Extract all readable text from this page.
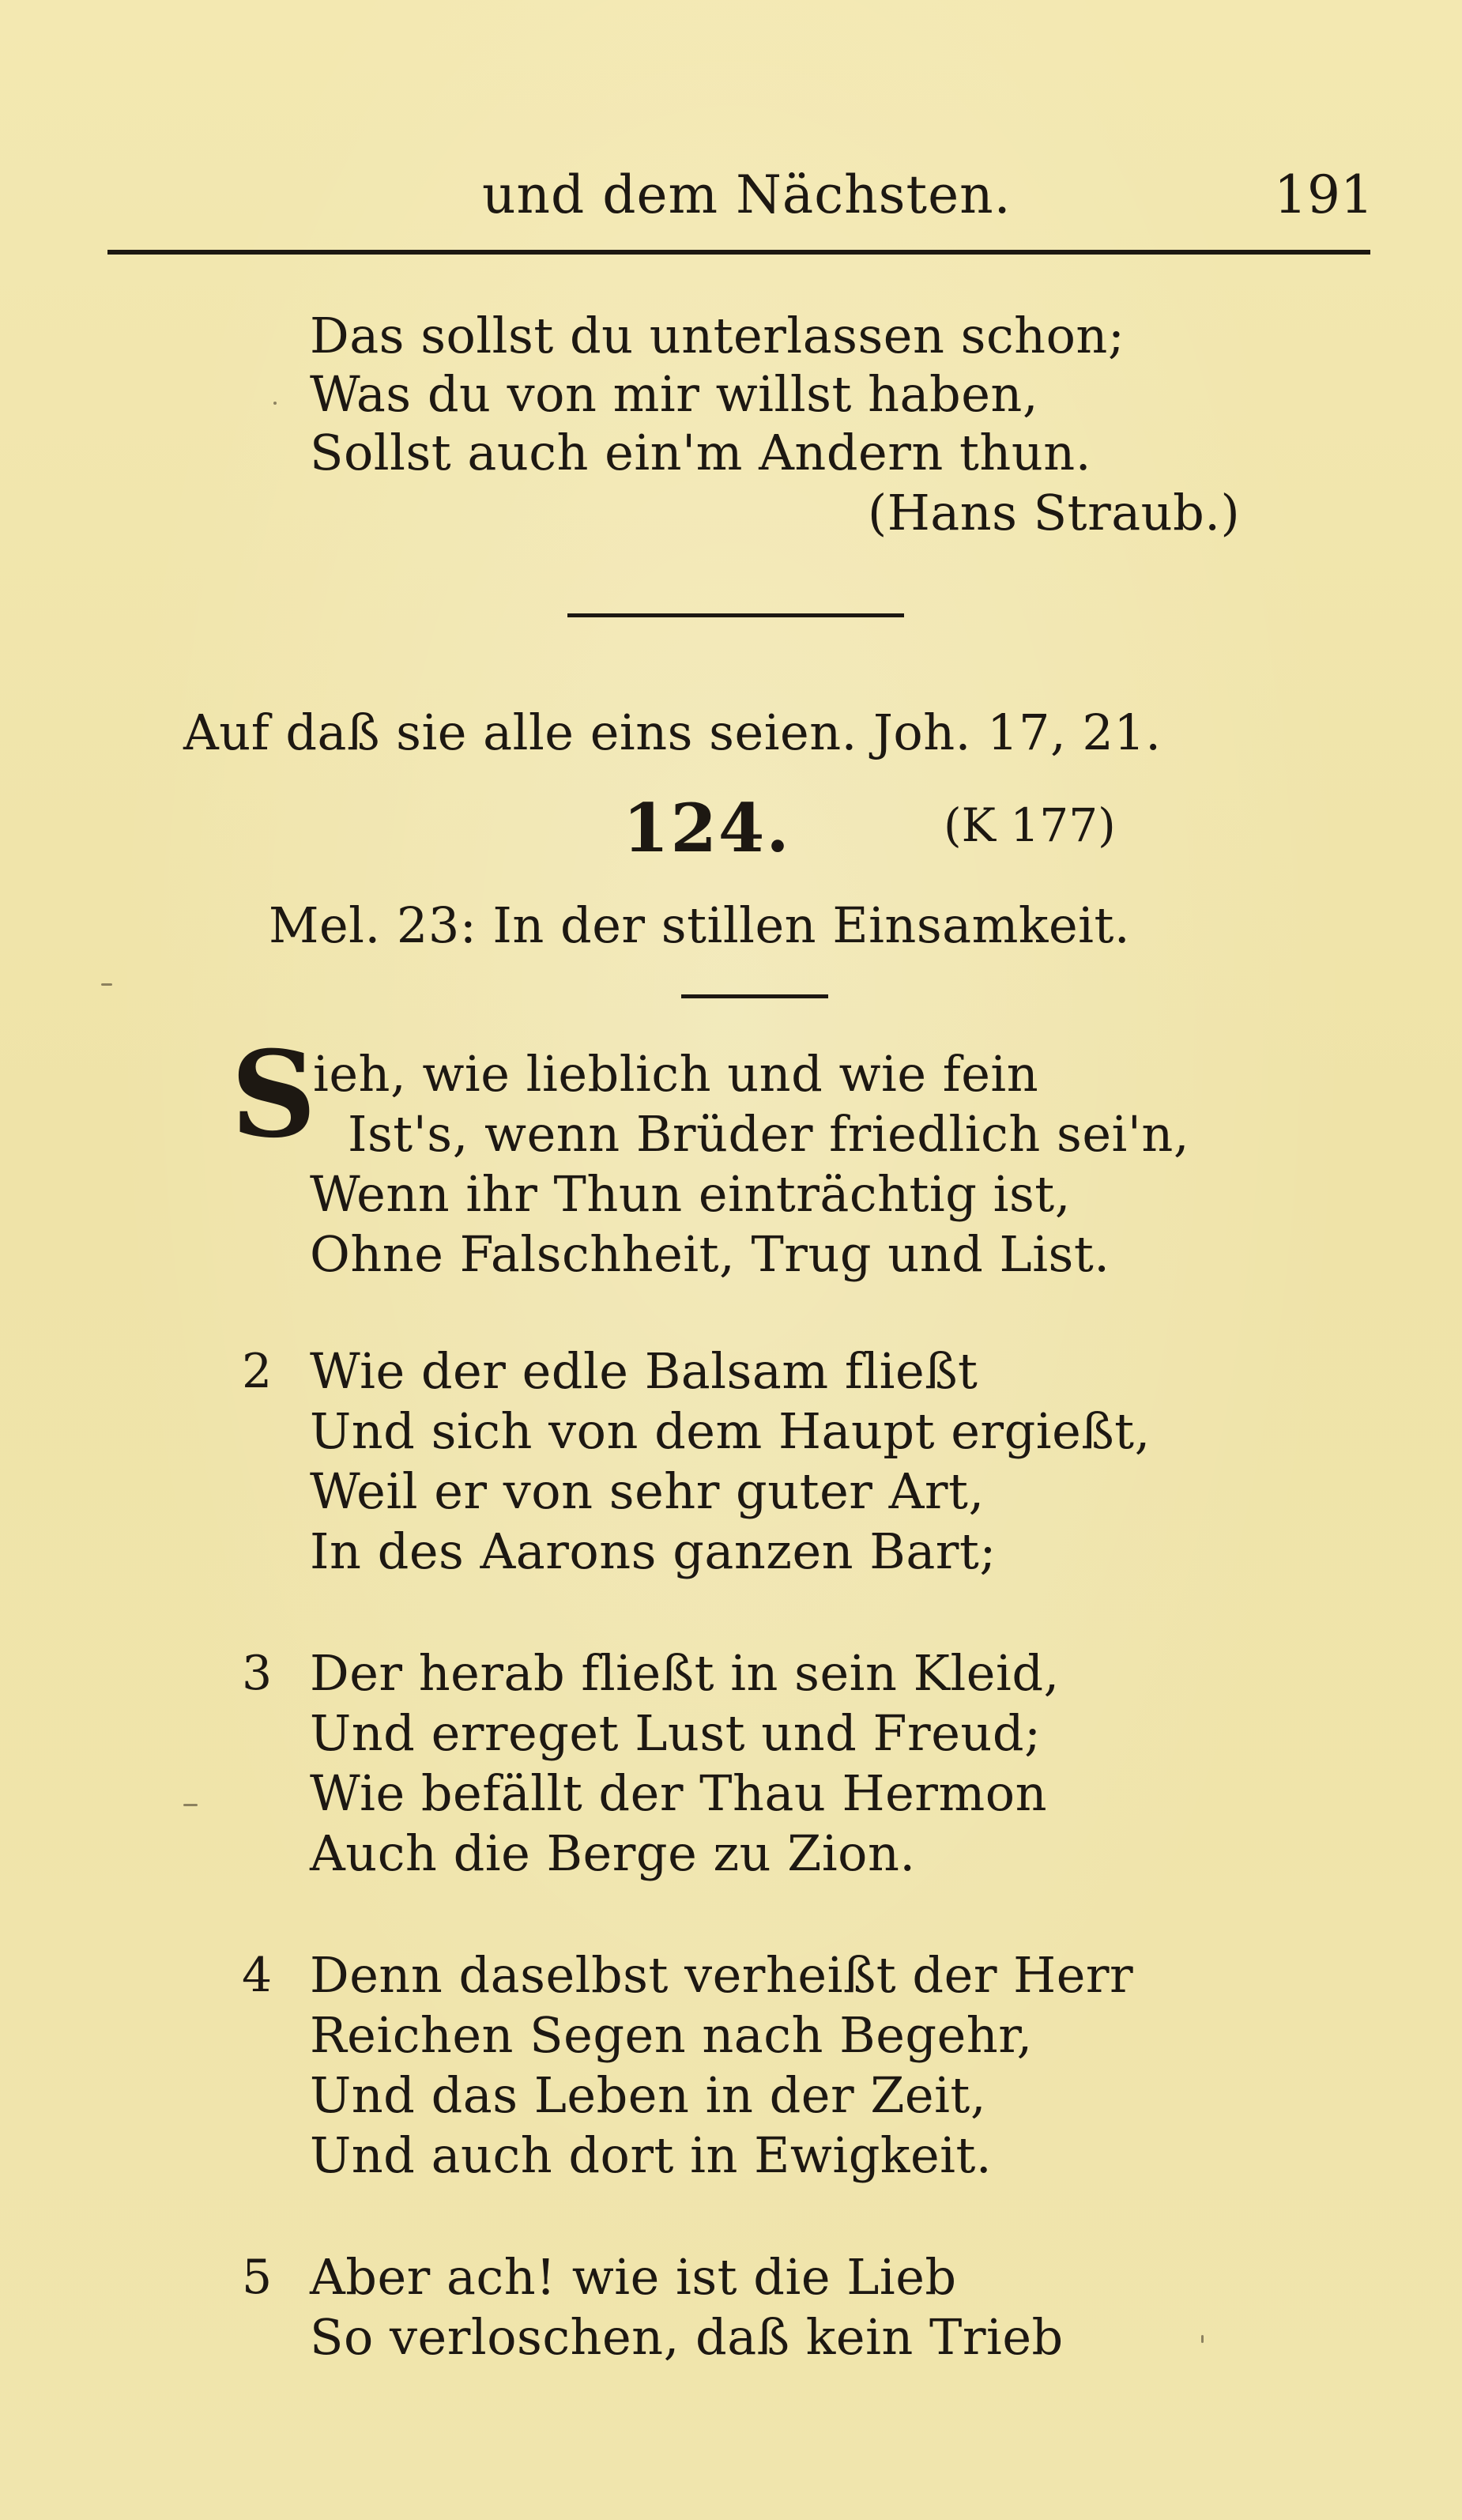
und dem Nächsten.	191
Das sollst du unterlassen schon;
Was du von mir willst haben,
Sollst auch ein'm Andern thun.
(Hans Straub.)
Auf daß sie alle eins seien. Joh. 17, 21.
124.	(K 177)
Mel. 23: In der stillen Einsamkeit.
S
ieh, wie lieblich und wie fein
Ist's, wenn Brüder friedlich sei'n,
Wenn ihr Thun einträchtig ist,
Ohne Falschheit, Trug und List.
2 Wie der edle Balsam fließt
Und sich von dem Haupt ergießt,
Weil er von sehr guter Art,
In des Aarons ganzen Bart;
3 Der herab fließt in sein Kleid,
Und erreget Lust und Freud;
Wie befällt der Thau Hermon
Auch die Berge zu Zion.
4 Denn daselbst verheißt der Herr
Reichen Segen nach Begehr,
Und das Leben in der Zeit,
Und auch dort in Ewigkeit.
5 Aber ach! wie ist die Lieb
So verloschen, daß kein Trieb
